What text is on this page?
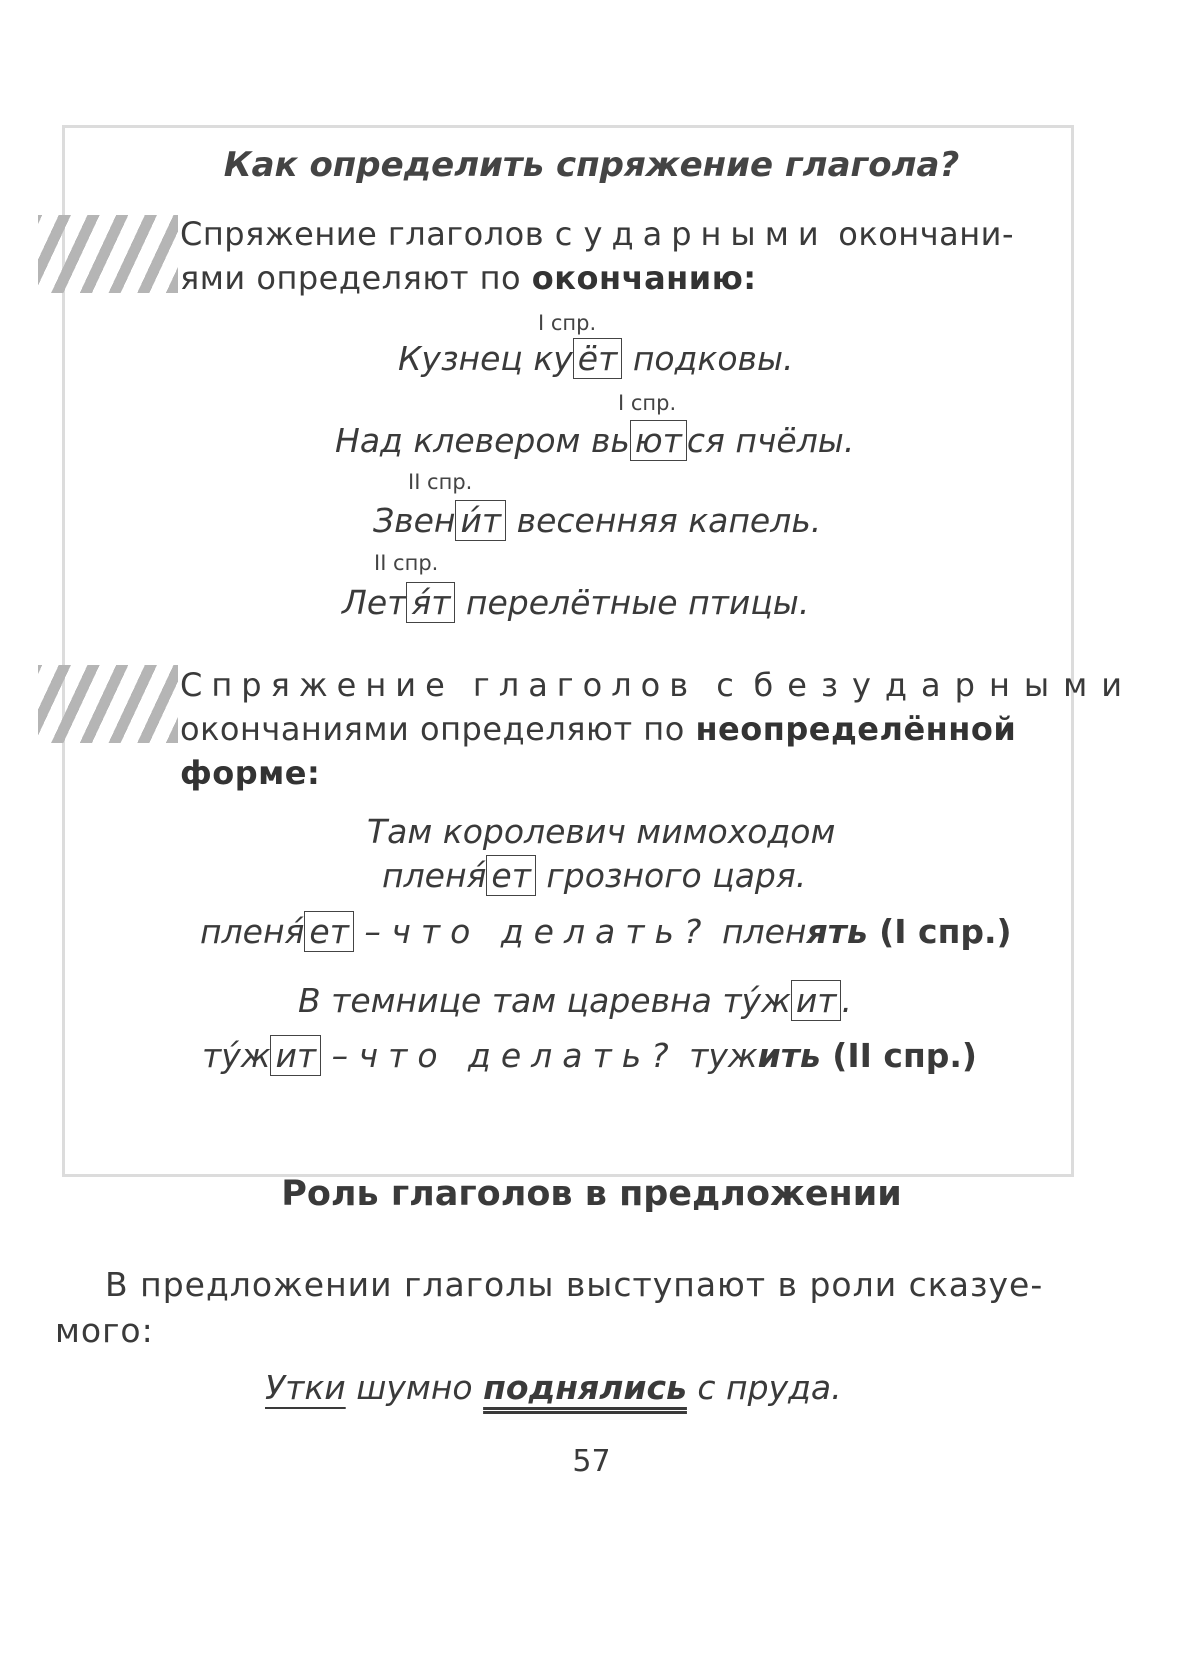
Как определить спряжение глагола?
Спряжение глаголов с ударными окончани-
ями определяют по окончанию:
I спр.
Кузнец ку ёт подковы.
I спр.
Над клевером вь ют ся пчёлы.
II спр.
Звен и́т весенняя капель.
II спр.
Лет я́т перелётные птицы.
Спряжение глаголов с безударными
окончаниями определяют по неопределённой
форме:
Там королевич мимоходом
пленя́ ет грозного царя.
пленя́ ет – что делать? пленять (I спр.)
В темнице там царевна ту́ж ит .
ту́ж ит – что делать? тужить (II спр.)
Роль глаголов в предложении
В предложении глаголы выступают в роли сказуе-
мого:
Утки шумно поднялись с пруда.
57
